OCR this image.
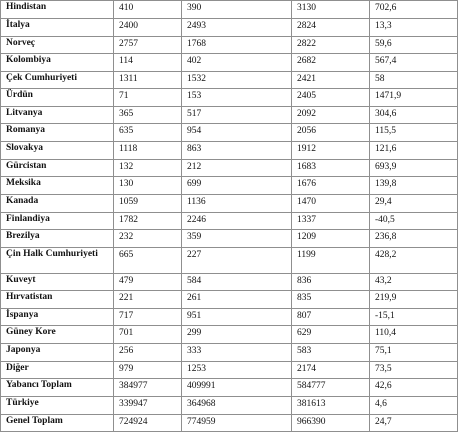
Hindistan	410	390	3130	702,6
İtalya	2400	2493	2824	13,3
Norveç	2757	1768	2822	59,6
Kolombiya	114	402	2682	567,4
Çek Cumhuriyeti	1311	1532	2421	58
Ürdün	71	153	2405	1471,9
Litvanya	365	517	2092	304,6
Romanya	635	954	2056	115,5
Slovakya	1118	863	1912	121,6
Gürcistan	132	212	1683	693,9
Meksika	130	699	1676	139,8
Kanada	1059	1136	1470	29,4
Finlandiya	1782	2246	1337	-40,5
Brezilya	232	359	1209	236,8
Çin Halk Cumhuriyeti	665	227	1199	428,2
Kuveyt	479	584	836	43,2
Hırvatistan	221	261	835	219,9
İspanya	717	951	807	-15,1
Güney Kore	701	299	629	110,4
Japonya	256	333	583	75,1
Diğer	979	1253	2174	73,5
Yabancı Toplam	384977	409991	584777	42,6
Türkiye	339947	364968	381613	4,6
Genel Toplam	724924	774959	966390	24,7
